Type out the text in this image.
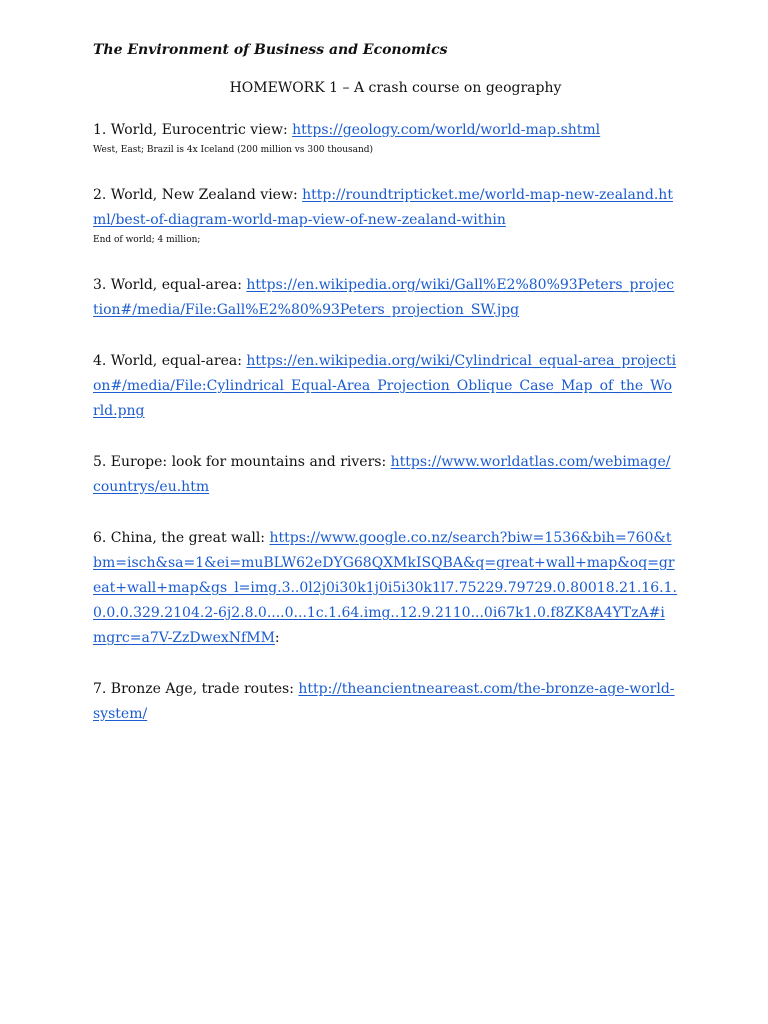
The Environment of Business and Economics
HOMEWORK 1 – A crash course on geography
1. World, Eurocentric view: https://geology.com/world/world-map.shtml
West, East; Brazil is 4x Iceland (200 million vs 300 thousand)
2. World, New Zealand view: http://roundtripticket.me/world-map-new-zealand.html/best-of-diagram-world-map-view-of-new-zealand-within
End of world; 4 million;
3. World, equal-area: https://en.wikipedia.org/wiki/Gall%E2%80%93Peters_projection#/media/File:Gall%E2%80%93Peters_projection_SW.jpg
4. World, equal-area: https://en.wikipedia.org/wiki/Cylindrical_equal-area_projection#/media/File:Cylindrical_Equal-Area_Projection_Oblique_Case_Map_of_the_World.png
5. Europe: look for mountains and rivers: https://www.worldatlas.com/webimage/countrys/eu.htm
6. China, the great wall: https://www.google.co.nz/search?biw=1536&bih=760&tbm=isch&sa=1&ei=muBLW62eDYG68QXMkISQBA&q=great+wall+map&oq=great+wall+map&gs_l=img.3..0l2j0i30k1j0i5i30k1l7.75229.79729.0.80018.21.16.1.0.0.0.329.2104.2-6j2.8.0....0...1c.1.64.img..12.9.2110...0i67k1.0.f8ZK8A4YTzA#imgrc=a7V-ZzDwexNfMM:
7. Bronze Age, trade routes: http://theancientneareast.com/the-bronze-age-world-system/
